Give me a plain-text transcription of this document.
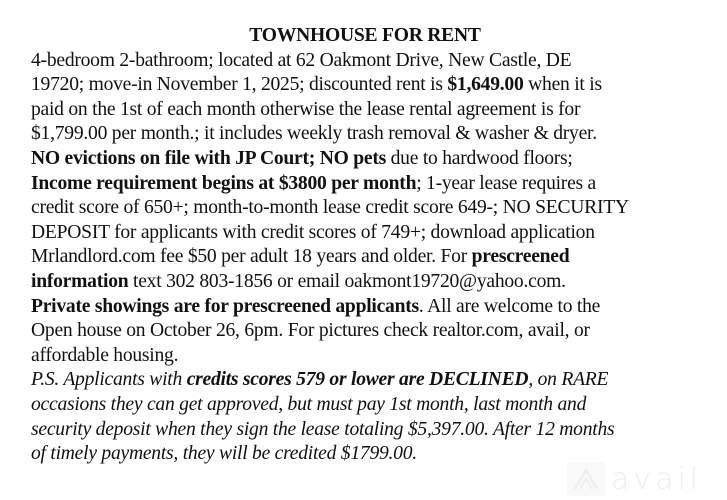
TOWNHOUSE FOR RENT
4-bedroom 2-bathroom; located at 62 Oakmont Drive, New Castle, DE
19720; move-in November 1, 2025; discounted rent is $1,649.00 when it is
paid on the 1st of each month otherwise the lease rental agreement is for
$1,799.00 per month.; it includes weekly trash removal & washer & dryer.
NO evictions on file with JP Court; NO pets due to hardwood floors;
Income requirement begins at $3800 per month; 1-year lease requires a
credit score of 650+; month-to-month lease credit score 649-; NO SECURITY
DEPOSIT for applicants with credit scores of 749+; download application
Mrlandlord.com fee $50 per adult 18 years and older. For prescreened
information text 302 803-1856 or email oakmont19720@yahoo.com.
Private showings are for prescreened applicants. All are welcome to the
Open house on October 26, 6pm. For pictures check realtor.com, avail, or
affordable housing.
P.S. Applicants with credits scores 579 or lower are DECLINED, on RARE
occasions they can get approved, but must pay 1st month, last month and
security deposit when they sign the lease totaling $5,397.00. After 12 months
of timely payments, they will be credited $1799.00.
avail
